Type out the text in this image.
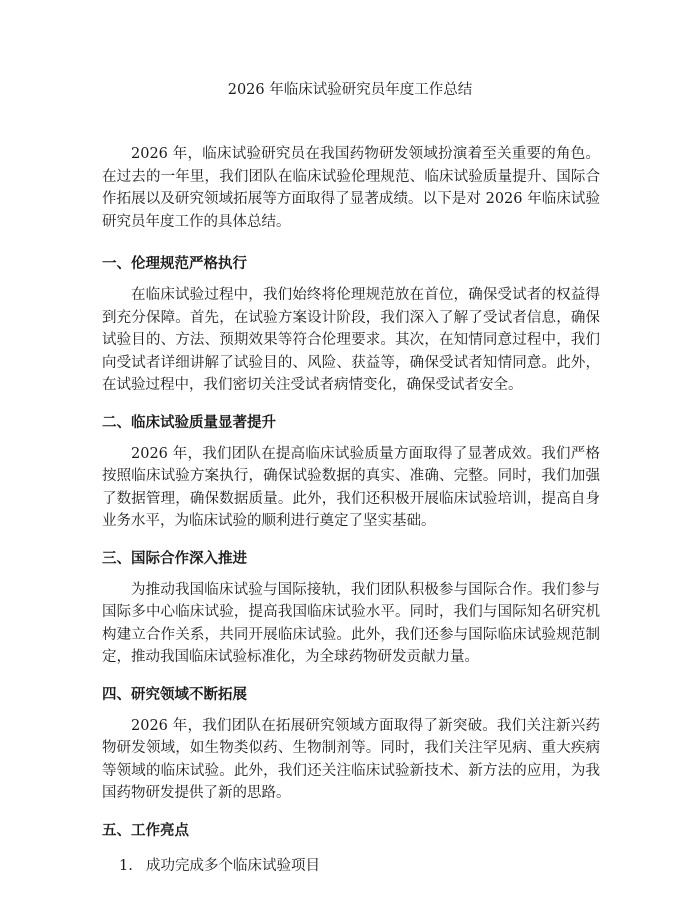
2026 年临床试验研究员年度工作总结

2026 年，临床试验研究员在我国药物研发领域扮演着至关重要的角色。在过去的一年里，我们团队在临床试验伦理规范、临床试验质量提升、国际合作拓展以及研究领域拓展等方面取得了显著成绩。以下是对 2026 年临床试验研究员年度工作的具体总结。

一、伦理规范严格执行

在临床试验过程中，我们始终将伦理规范放在首位，确保受试者的权益得到充分保障。首先，在试验方案设计阶段，我们深入了解了受试者信息，确保试验目的、方法、预期效果等符合伦理要求。其次，在知情同意过程中，我们向受试者详细讲解了试验目的、风险、获益等，确保受试者知情同意。此外，在试验过程中，我们密切关注受试者病情变化，确保受试者安全。

二、临床试验质量显著提升

2026 年，我们团队在提高临床试验质量方面取得了显著成效。我们严格按照临床试验方案执行，确保试验数据的真实、准确、完整。同时，我们加强了数据管理，确保数据质量。此外，我们还积极开展临床试验培训，提高自身业务水平，为临床试验的顺利进行奠定了坚实基础。

三、国际合作深入推进

为推动我国临床试验与国际接轨，我们团队积极参与国际合作。我们参与国际多中心临床试验，提高我国临床试验水平。同时，我们与国际知名研究机构建立合作关系，共同开展临床试验。此外，我们还参与国际临床试验规范制定，推动我国临床试验标准化，为全球药物研发贡献力量。

四、研究领域不断拓展

2026 年，我们团队在拓展研究领域方面取得了新突破。我们关注新兴药物研发领域，如生物类似药、生物制剂等。同时，我们关注罕见病、重大疾病等领域的临床试验。此外，我们还关注临床试验新技术、新方法的应用，为我国药物研发提供了新的思路。

五、工作亮点
1. 成功完成多个临床试验项目
